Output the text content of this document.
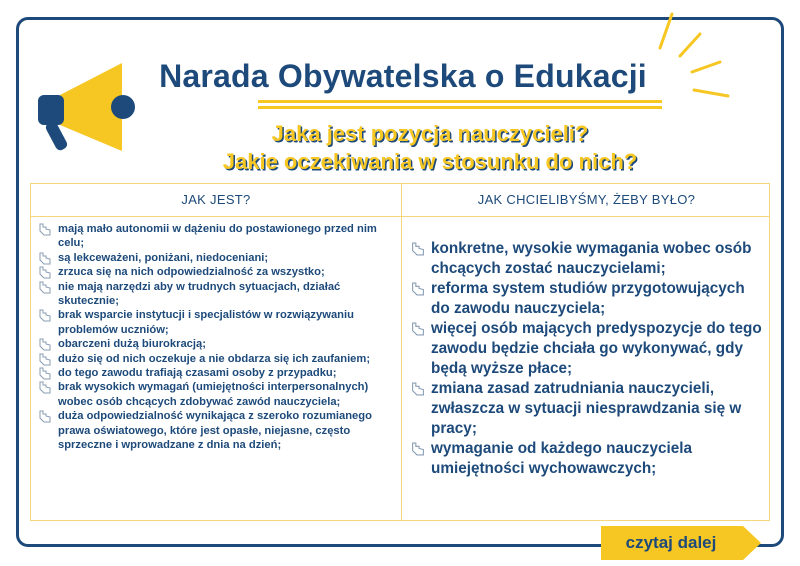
Narada Obywatelska o Edukacji
Jaka jest pozycja nauczycieli?
Jakie oczekiwania w stosunku do nich?
JAK JEST?	JAK CHCIELIBYŚMY, ŻEBY BYŁO?
mają mało autonomii w dążeniu do postawionego przed nim celu;
są lekceważeni, poniżani, niedoceniani;
zrzuca się na nich odpowiedzialność za wszystko;
nie mają narzędzi aby w trudnych sytuacjach, działać skutecznie;
brak wsparcie instytucji i specjalistów w rozwiązywaniu problemów uczniów;
obarczeni dużą biurokracją;
dużo się od nich oczekuje a nie obdarza się ich zaufaniem;
do tego zawodu trafiają czasami osoby z przypadku;
brak wysokich wymagań (umiejętności interpersonalnych) wobec osób chcących zdobywać zawód nauczyciela;
duża odpowiedzialność wynikająca z szeroko rozumianego prawa oświatowego, które jest opasłe, niejasne, często sprzeczne i wprowadzane z dnia na dzień;
konkretne, wysokie wymagania wobec osób chcących zostać nauczycielami;
reforma system studiów przygotowujących do zawodu nauczyciela;
więcej osób mających predyspozycje do tego zawodu będzie chciała go wykonywać, gdy będą wyższe płace;
zmiana zasad zatrudniania nauczycieli, zwłaszcza w sytuacji niesprawdzania się w pracy;
wymaganie od każdego nauczyciela umiejętności wychowawczych;
czytaj dalej
